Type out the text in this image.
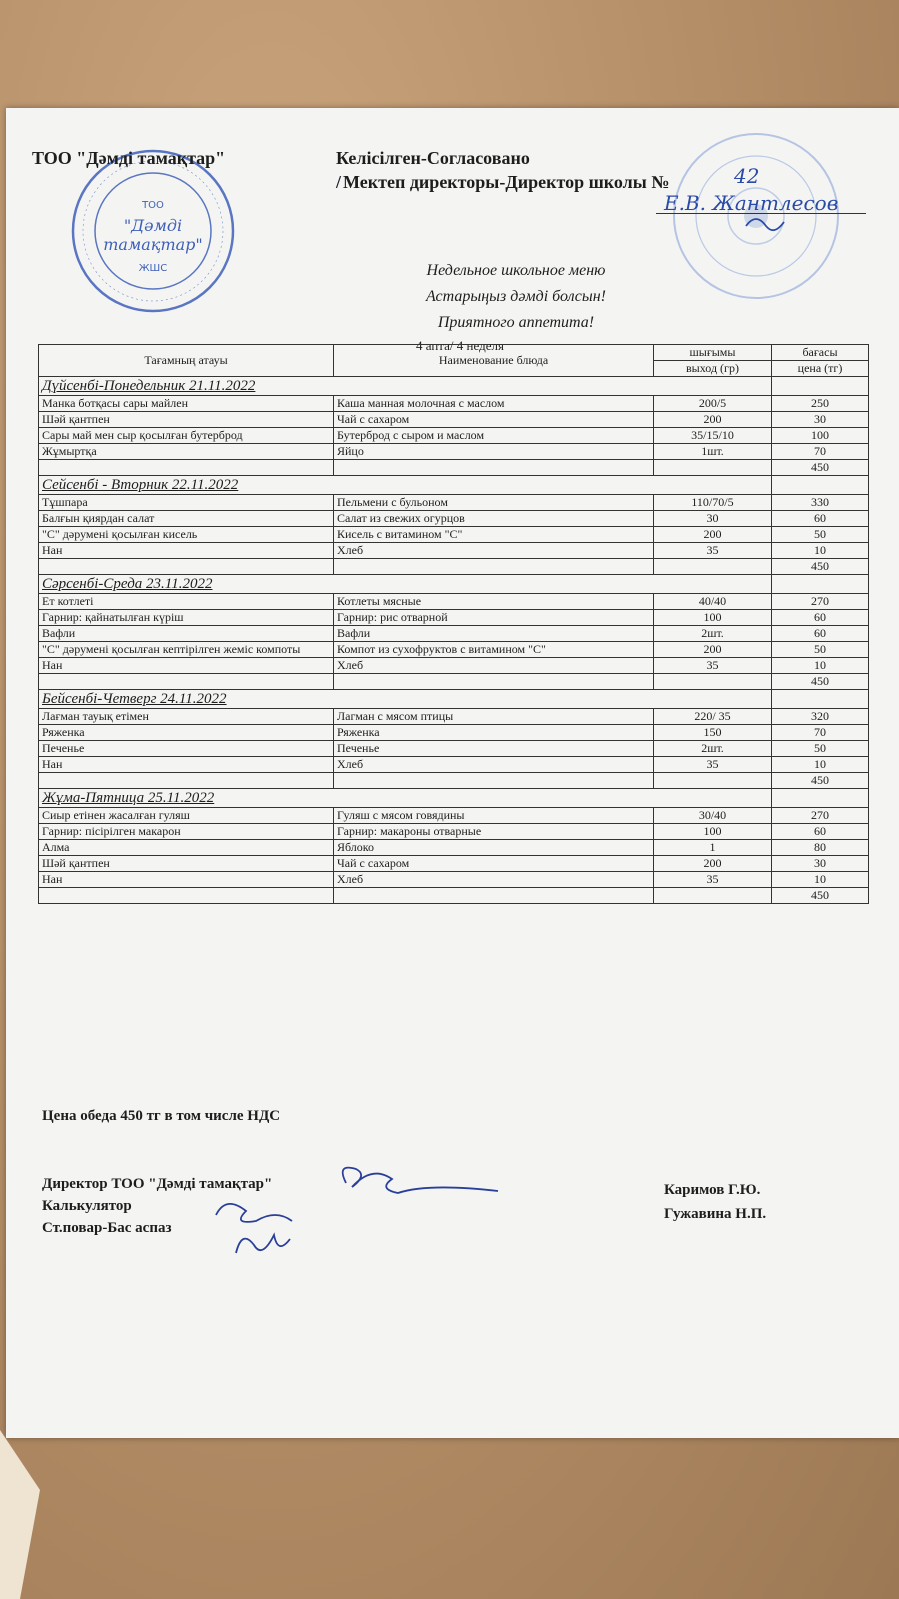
ТОО
"Дәмді
тамақтар"
ЖШС
ТОО "Дәмді тамақтар"	Келісілген-Согласовано
/ Мектеп директоры-Директор школы №	42
Е.В. Жантлесов
Недельное школьное меню
Астарыңыз дәмді болсын!
Приятного аппетита!
4 апта/ 4 неделя
Тағамның атауы	Наименование блюда	шығымы	бағасы
		выход (гр)	цена (тг)
Дүйсенбі-Понедельник 21.11.2022			
Манка ботқасы сары майлен	Каша манная молочная с маслом	200/5	250
Шәй қантпен	Чай с сахаром	200	30
Сары май мен сыр қосылған бутерброд	Бутерброд с сыром и маслом	35/15/10	100
Жұмыртқа	Яйцо	1шт.	70
			450
Сейсенбі - Вторник 22.11.2022			
Тұшпара	Пельмени с бульоном	110/70/5	330
Балғын қиярдан салат	Салат из свежих огурцов	30	60
"С" дәрумені қосылған кисель	Кисель с витамином "С"	200	50
Нан	Хлеб	35	10
			450
Сәрсенбі-Среда 23.11.2022			
Ет котлеті	Котлеты мясные	40/40	270
Гарнир: қайнатылған күріш	Гарнир: рис отварной	100	60
Вафли	Вафли	2шт.	60
"С" дәрумені қосылған кептірілген жеміс компоты	Компот из сухофруктов с витамином "С"	200	50
Нан	Хлеб	35	10
			450
Бейсенбі-Четверг 24.11.2022			
Лағман тауық етімен	Лагман с мясом птицы	220/ 35	320
Ряженка	Ряженка	150	70
Печенье	Печенье	2шт.	50
Нан	Хлеб	35	10
			450
Жұма-Пятница 25.11.2022			
Сиыр етінен жасалған гуляш	Гуляш с мясом говядины	30/40	270
Гарнир: пісірілген макарон	Гарнир: макароны отварные	100	60
Алма	Яблоко	1	80
Шәй қантпен	Чай с сахаром	200	30
Нан	Хлеб	35	10
			450
Цена обеда 450 тг в том числе НДС
Директор ТОО "Дәмді тамақтар"
Калькулятор
Ст.повар-Бас аспаз
Каримов Г.Ю.
Гужавина Н.П.
